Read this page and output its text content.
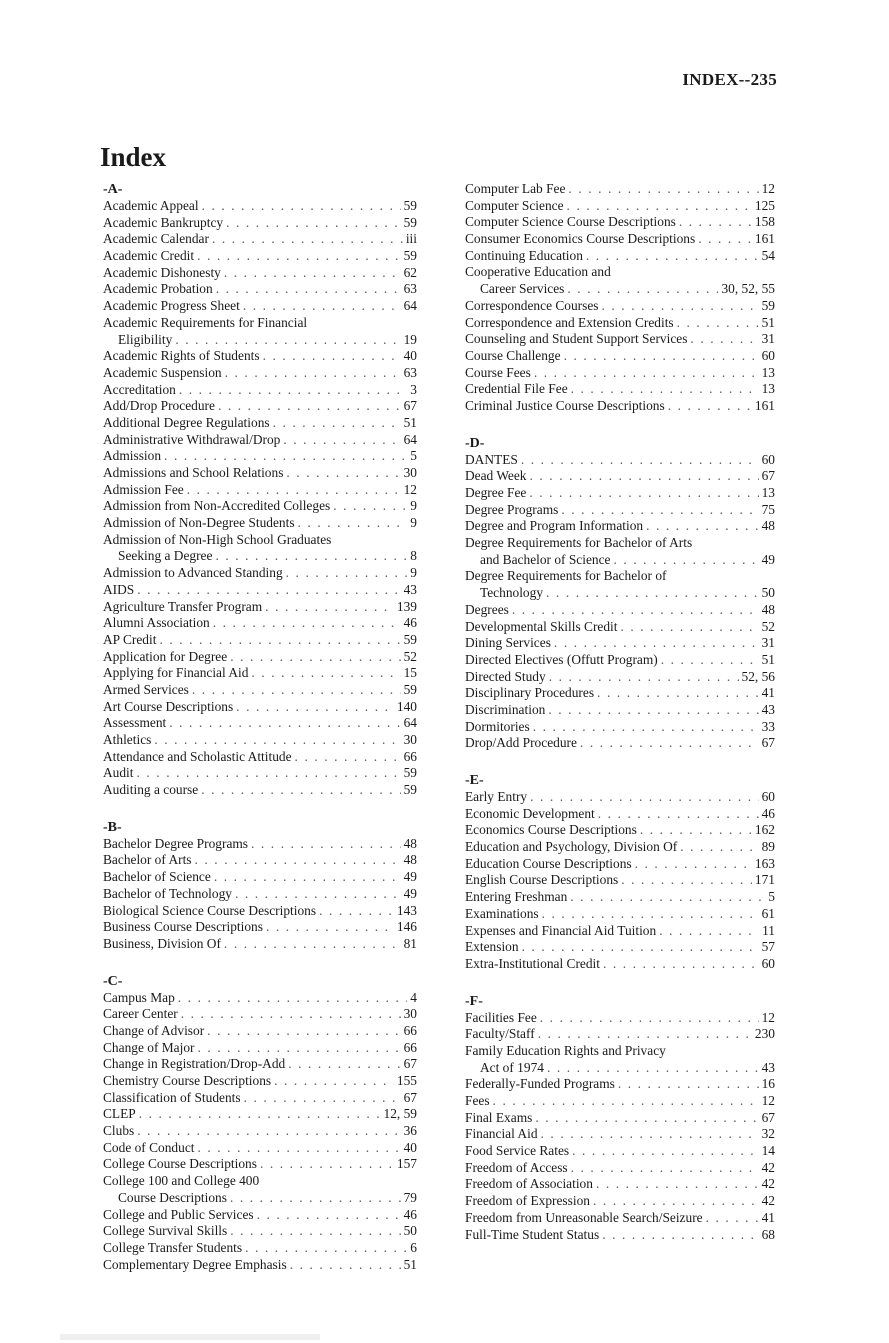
INDEX--235
Index
-A-
Academic Appeal . . .	59
Academic Bankruptcy . . .	59
Academic Calendar . . .	iii
Academic Credit . . .	59
Academic Dishonesty . . .	62
Academic Probation . . .	63
Academic Progress Sheet . . .	64
Academic Requirements for Financial
Eligibility . . .	19
Academic Rights of Students . . .	40
Academic Suspension . . .	63
Accreditation . . .	3
Add/Drop Procedure . . .	67
Additional Degree Regulations . . .	51
Administrative Withdrawal/Drop . . .	64
Admission . . .	5
Admissions and School Relations . . .	30
Admission Fee . . .	12
Admission from Non-Accredited Colleges . . .	9
Admission of Non-Degree Students . . .	9
Admission of Non-High School Graduates
Seeking a Degree . . .	8
Admission to Advanced Standing . . .	9
AIDS . . .	43
Agriculture Transfer Program . . .	139
Alumni Association . . .	46
AP Credit . . .	59
Application for Degree . . .	52
Applying for Financial Aid . . .	15
Armed Services . . .	59
Art Course Descriptions . . .	140
Assessment . . .	64
Athletics . . .	30
Attendance and Scholastic Attitude . . .	66
Audit . . .	59
Auditing a course . . .	59
-B-
Bachelor Degree Programs . . .	48
Bachelor of Arts . . .	48
Bachelor of Science . . .	49
Bachelor of Technology . . .	49
Biological Science Course Descriptions . . .	143
Business Course Descriptions . . .	146
Business, Division Of . . .	81
-C-
Campus Map . . .	4
Career Center . . .	30
Change of Advisor . . .	66
Change of Major . . .	66
Change in Registration/Drop-Add . . .	67
Chemistry Course Descriptions . . .	155
Classification of Students . . .	67
CLEP . . .	12, 59
Clubs . . .	36
Code of Conduct . . .	40
College Course Descriptions . . .	157
College 100 and College 400
Course Descriptions . . .	79
College and Public Services . . .	46
College Survival Skills . . .	50
College Transfer Students . . .	6
Complementary Degree Emphasis . . .	51
Computer Lab Fee . . .	12
Computer Science . . .	125
Computer Science Course Descriptions . . .	158
Consumer Economics Course Descriptions . . .	161
Continuing Education . . .	54
Cooperative Education and
Career Services . . .	30, 52, 55
Correspondence Courses . . .	59
Correspondence and Extension Credits . . .	51
Counseling and Student Support Services . . .	31
Course Challenge . . .	60
Course Fees . . .	13
Credential File Fee . . .	13
Criminal Justice Course Descriptions . . .	161
-D-
DANTES . . .	60
Dead Week . . .	67
Degree Fee . . .	13
Degree Programs . . .	75
Degree and Program Information . . .	48
Degree Requirements for Bachelor of Arts
and Bachelor of Science . . .	49
Degree Requirements for Bachelor of
Technology . . .	50
Degrees . . .	48
Developmental Skills Credit . . .	52
Dining Services . . .	31
Directed Electives (Offutt Program) . . .	51
Directed Study . . .	52, 56
Disciplinary Procedures . . .	41
Discrimination . . .	43
Dormitories . . .	33
Drop/Add Procedure . . .	67
-E-
Early Entry . . .	60
Economic Development . . .	46
Economics Course Descriptions . . .	162
Education and Psychology, Division Of . . .	89
Education Course Descriptions . . .	163
English Course Descriptions . . .	171
Entering Freshman . . .	5
Examinations . . .	61
Expenses and Financial Aid Tuition . . .	11
Extension . . .	57
Extra-Institutional Credit . . .	60
-F-
Facilities Fee . . .	12
Faculty/Staff . . .	230
Family Education Rights and Privacy
Act of 1974 . . .	43
Federally-Funded Programs . . .	16
Fees . . .	12
Final Exams . . .	67
Financial Aid . . .	32
Food Service Rates . . .	14
Freedom of Access . . .	42
Freedom of Association . . .	42
Freedom of Expression . . .	42
Freedom from Unreasonable Search/Seizure . . .	41
Full-Time Student Status . . .	68
